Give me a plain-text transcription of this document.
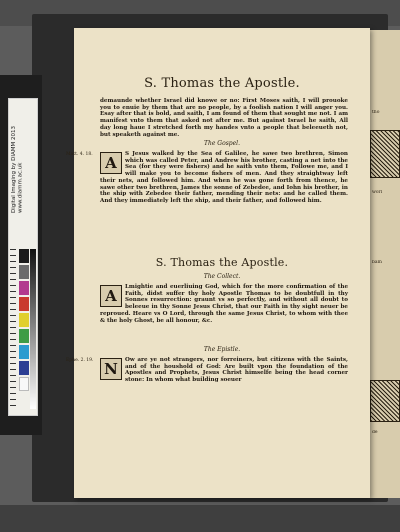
Digital Imaging by DIAMM 2013
www.diamm.ac.uk
tho
worl
bam
de
S. Thomas the Apostle.
demaunde whether Israel did knowe or no: First Moses saith, I will prouoke you to enuie by them that are no people, by a foolish nation I will anger you. Esay after that is bold, and saith, I am found of them that sought me not. I am manifest vnto them that asked not after me. But against Israel he saith, All day long haue I stretched forth my handes vnto a people that beleeueth not, but speaketh against me.
The Gospel.
Matt. 4. 18. A	S Jesus walked by the Sea of Galilee, he sawe two brethren, Simon which was called Peter, and Andrew his brother, casting a net into the Sea (for they were fishers) and he saith vnto them, Followe me, and I will make you to become fishers of men. And they straightway left their nets, and followed him. And when he was gone forth from thence, he sawe other two brethren, James the sonne of Zebedee, and Iohn his brother, in the ship with Zebedee their father, mending their nets: and he called them. And they immediately left the ship, and their father, and followed him.
S. Thomas the Apostle.
The Collect.
A	Lmightie and euerliuing God, which for the more confirmation of the Faith, didst suffer thy holy Apostle Thomas to be doubtfull in thy Sonnes resurrection: graunt vs so perfectly, and without all doubt to beleeue in thy Sonne Jesus Christ, that our Faith in thy sight neuer be reproued. Heare vs O Lord, through the same Jesus Christ, to whom with thee & the holy Ghost, be all honour, &c.
The Epistle.
Ephe. 2. 19. N	Ow are ye not strangers, nor forreiners, but citizens with the Saints, and of the houshold of God: Are built vpon the foundation of the Apostles and Prophets, Jesus Christ himselfe being the head corner stone: In whom what building soeuer
